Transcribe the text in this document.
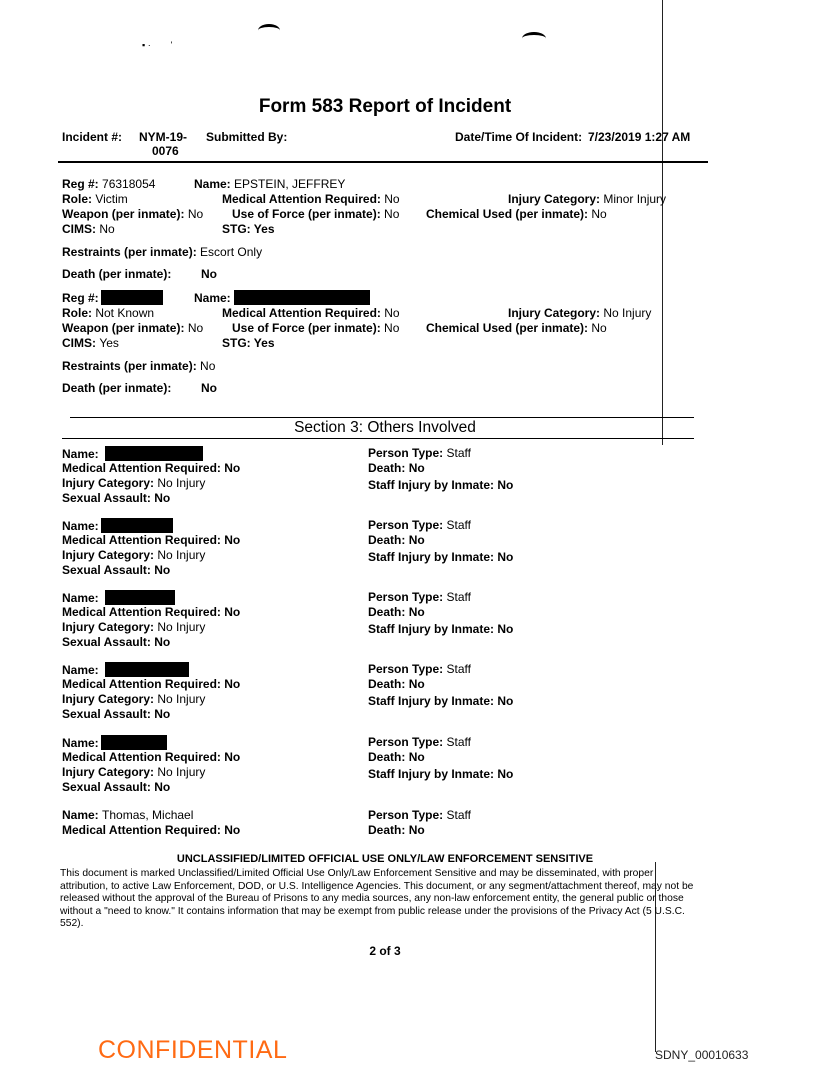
▪ ·        '
Form 583 Report of Incident
Incident #: NYM-19-
0076
Submitted By:	Date/Time Of Incident: 7/23/2019 1:27 AM
Reg #: 76318054	Name: EPSTEIN, JEFFREY
Role: Victim	Medical Attention Required: No	Injury Category: Minor Injury
Weapon (per inmate): No Use of Force (per inmate): No Chemical Used (per inmate): No
CIMS: No	STG: Yes
Restraints (per inmate): Escort Only
Death (per inmate): No
Reg #:	Name:
Role: Not Known	Medical Attention Required: No	Injury Category: No Injury
Weapon (per inmate): No Use of Force (per inmate): No Chemical Used (per inmate): No
CIMS: Yes	STG: Yes
Restraints (per inmate): No
Death (per inmate): No
Section 3: Others Involved
Name:
Medical Attention Required: No
Injury Category: No Injury
Sexual Assault: No
Person Type: Staff
Death: No
Staff Injury by Inmate: No
Name:
Medical Attention Required: No
Injury Category: No Injury
Sexual Assault: No
Person Type: Staff
Death: No
Staff Injury by Inmate: No
Name:
Medical Attention Required: No
Injury Category: No Injury
Sexual Assault: No
Person Type: Staff
Death: No
Staff Injury by Inmate: No
Name:
Medical Attention Required: No
Injury Category: No Injury
Sexual Assault: No
Person Type: Staff
Death: No
Staff Injury by Inmate: No
Name:
Medical Attention Required: No
Injury Category: No Injury
Sexual Assault: No
Person Type: Staff
Death: No
Staff Injury by Inmate: No
Name: Thomas, Michael
Medical Attention Required: No
Person Type: Staff
Death: No
UNCLASSIFIED/LIMITED OFFICIAL USE ONLY/LAW ENFORCEMENT SENSITIVE
This document is marked Unclassified/Limited Official Use Only/Law Enforcement Sensitive and may be disseminated, with proper attribution, to active Law Enforcement, DOD, or U.S. Intelligence Agencies. This document, or any segment/attachment thereof, may not be released without the approval of the Bureau of Prisons to any media sources, any non-law enforcement entity, the general public or those without a "need to know." It contains information that may be exempt from public release under the provisions of the Privacy Act (5 U.S.C. 552).
2 of 3
CONFIDENTIAL	SDNY_00010633
